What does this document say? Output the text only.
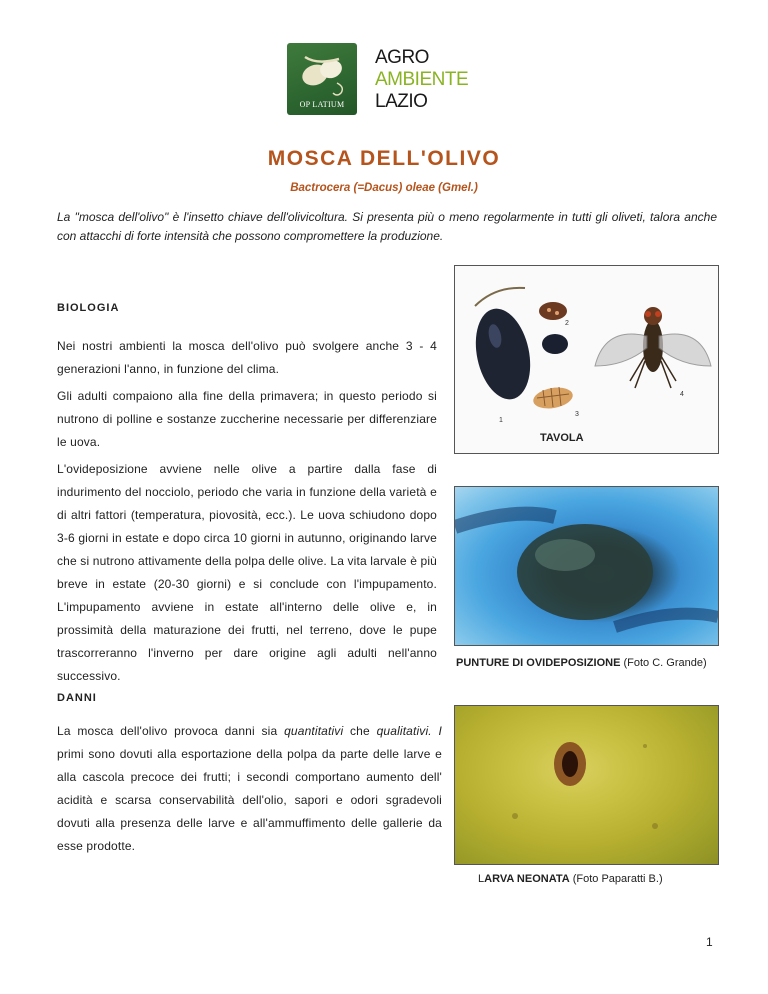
OP LATIUM
AGRO
AMBIENTE
LAZIO
MOSCA DELL'OLIVO
Bactrocera (=Dacus) oleae (Gmel.)
La "mosca dell'olivo" è l'insetto chiave dell'olivicoltura. Si presenta più o meno regolarmente in tutti gli oliveti, talora anche con attacchi di forte intensità che possono compromettere la produzione.
BIOLOGIA

Nei nostri ambienti la mosca dell'olivo può svolgere anche 3 - 4 generazioni l'anno, in funzione del clima.

Gli adulti compaiono alla fine della primavera; in questo periodo si nutrono di polline e sostanze zuccherine necessarie per differenziare le uova.

L'ovideposizione avviene nelle olive a partire dalla fase di indurimento del nocciolo, periodo che varia in funzione della varietà e di altri fattori (temperatura, piovosità, ecc.). Le uova schiudono dopo 3-6 giorni in estate e dopo circa 10 giorni in autunno, originando larve che si nutrono attivamente della polpa delle olive. La vita larvale è più breve in estate (20-30 giorni) e si conclude con l'impupamento. L'impupamento avviene in estate all'interno delle olive e, in prossimità della maturazione dei frutti, nel terreno, dove le pupe trascorreranno l'inverno per dare origine agli adulti nell'anno successivo.

DANNI
La mosca dell'olivo provoca danni sia quantitativi che qualitativi. I primi sono dovuti alla esportazione della polpa da parte delle larve e alla cascola precoce dei frutti; i secondi comportano aumento dell' acidità e scarsa conservabilità dell'olio, sapori e odori sgradevoli dovuti alla presenza delle larve e all'ammuffimento delle gallerie da esse prodotte.
2
1
3
4
TAVOLA
PUNTURE DI OVIDEPOSIZIONE (Foto C. Grande)
LARVA NEONATA (Foto Paparatti B.)
1
